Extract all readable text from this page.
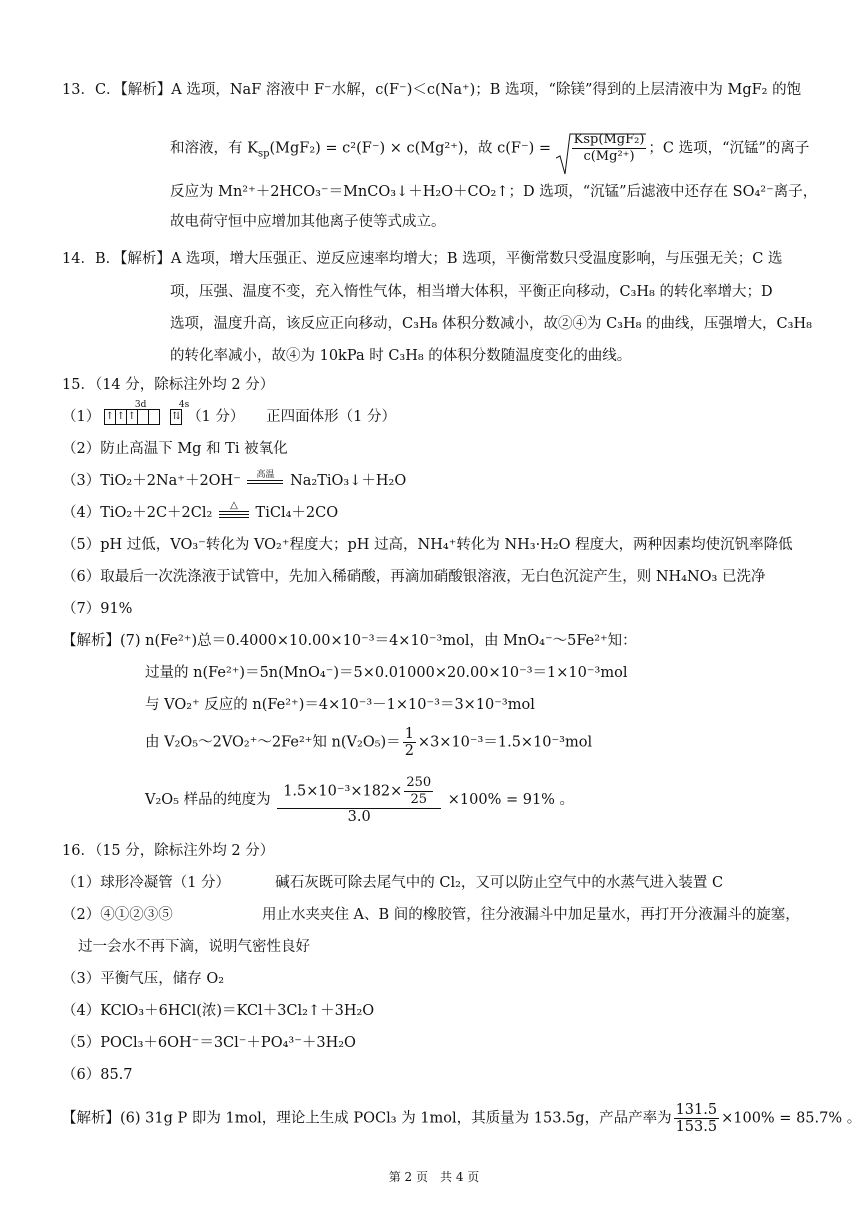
13．C．【解析】A 选项，NaF 溶液中 F⁻水解，c(F⁻)＜c(Na⁺)；B 选项，“除镁”得到的上层清液中为 MgF₂ 的饱
和溶液，有 $K_{sp}(MgF_2) = c^2(F^-) \times c(Mg^{2+})$，故 $c(F^-) = \frac{\text{Ksp(MgF₂)}}{\text{c(Mg²⁺)}}$ ；C 选项，“沉锰”的离子
反应为 Mn²⁺＋2HCO₃⁻＝MnCO₃↓＋H₂O＋CO₂↑；D 选项，“沉锰”后滤液中还存在 SO₄²⁻离子，
故电荷守恒中应增加其他离子使等式成立。
14．B．【解析】A 选项，增大压强正、逆反应速率均增大；B 选项，平衡常数只受温度影响，与压强无关；C 选
项，压强、温度不变，充入惰性气体，相当增大体积，平衡正向移动，C₃H₈ 的转化率增大；D
选项，温度升高，该反应正向移动，C₃H₈ 体积分数减小，故②④为 C₃H₈ 的曲线，压强增大，C₃H₈
的转化率减小，故④为 10kPa 时 C₃H₈ 的体积分数随温度变化的曲线。
15．（14 分，除标注外均 2 分）
（1）
3d
↑ ↑ ↑
4s
⇅ （1 分）　　正四面体形（1 分）
（2）防止高温下 Mg 和 Ti 被氧化
（3）TiO₂＋2Na⁺＋2OH⁻	高温	Na₂TiO₃↓＋H₂O
（4）TiO₂＋2C＋2Cl₂	△	TiCl₄＋2CO
（5）pH 过低，VO₃⁻转化为 VO₂⁺程度大；pH 过高，NH₄⁺转化为 NH₃·H₂O 程度大，两种因素均使沉钒率降低
（6）取最后一次洗涤液于试管中，先加入稀硝酸，再滴加硝酸银溶液，无白色沉淀产生，则 NH₄NO₃ 已洗净
（7）91%
【解析】(7) n(Fe²⁺)总＝0.4000×10.00×10⁻³＝4×10⁻³mol，由 MnO₄⁻～5Fe²⁺知：
过量的 n(Fe²⁺)＝5n(MnO₄⁻)＝5×0.01000×20.00×10⁻³＝1×10⁻³mol
与 VO₂⁺ 反应的 n(Fe²⁺)＝4×10⁻³－1×10⁻³＝3×10⁻³mol
由 V₂O₅～2VO₂⁺～2Fe²⁺知 $n(V_2O_5)= \frac{1}{2} \times 3\times 10^{-3}=1.5\times 10^{-3}mol$
V₂O₅ 样品的纯度为 $\frac{1.5\times 10^{-3}\times 182\times \frac{250}{25}}{3.0} \times 100\% = 91\%$ 。
16．（15 分，除标注外均 2 分）
（1）球形冷凝管（1 分）	碱石灰既可除去尾气中的 Cl₂，又可以防止空气中的水蒸气进入装置 C
（2）④①②③⑤	用止水夹夹住 A、B 间的橡胶管，往分液漏斗中加足量水，再打开分液漏斗的旋塞，
过一会水不再下滴，说明气密性良好
（3）平衡气压，储存 O₂
（4）KClO₃＋6HCl(浓)＝KCl＋3Cl₂↑＋3H₂O
（5）POCl₃＋6OH⁻＝3Cl⁻＋PO₄³⁻＋3H₂O
（6）85.7
【解析】(6) 31g P 即为 1mol，理论上生成 POCl₃ 为 1mol，其质量为 153.5g，产品产率为 $\frac{131.5}{153.5} \times 100\% = 85.7\%$ 。
第 2 页　共 4 页
